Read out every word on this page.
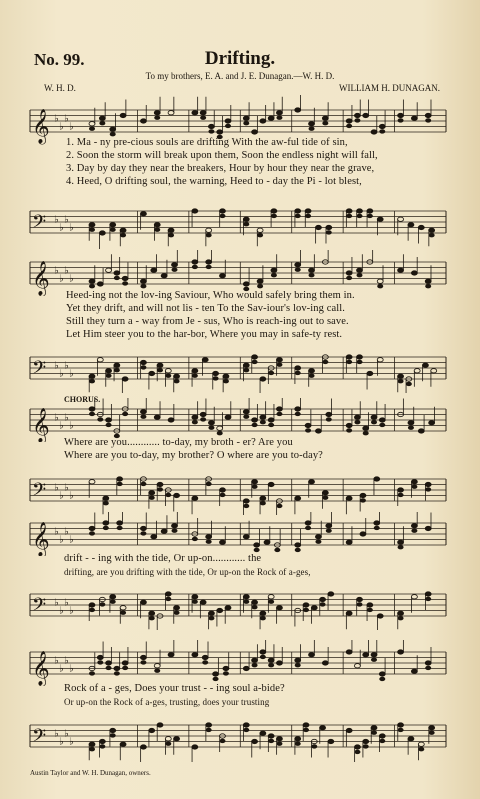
No. 99.	Drifting.
To my brothers, E. A. and J. E. Dunagan.—W. H. D.
W. H. D.	WILLIAM H. DUNAGAN.
𝄞 ♭
♭
♭
♭
1. Ma - ny pre-cious souls are drifting With the aw-ful tide of sin,
2. Soon the storm will break upon them, Soon the endless night will fall,
3. Day by day they near the breakers, Hour by hour they near the grave,
4. Heed, O drifting soul, the warning, Heed to - day the Pi - lot blest,
𝄢 ♭
♭
♭
♭
𝄞 ♭
♭
♭
♭
Heed-ing not the lov-ing Saviour, Who would safely bring them in.
Yet they drift, and will not lis - ten To the Sav-iour's lov-ing call.
Still they turn a - way from Je - sus, Who is reach-ing out to save.
Let Him steer you to the har-bor, Where you may in safe-ty rest.
𝄢 ♭
♭
♭
♭
CHORUS.
𝄞 ♭
♭
♭
♭
Where are you............ to-day, my broth - er? Are you
Where are you to-day, my brother? O where are you to-day?
𝄢 ♭
♭
♭
♭
𝄞 ♭
♭
♭
♭
drift - - ing with the tide, Or up-on............ the
drifting, are you drifting with the tide, Or up-on the Rock of a-ges,
𝄢 ♭
♭
♭
♭
𝄞 ♭
♭
♭
♭
Rock of a - ges, Does your trust - - ing soul a-bide?
Or up-on the Rock of a-ges, trusting, does your trusting
𝄢 ♭
♭
♭
♭
Austin Taylor and W. H. Dunagan, owners.
